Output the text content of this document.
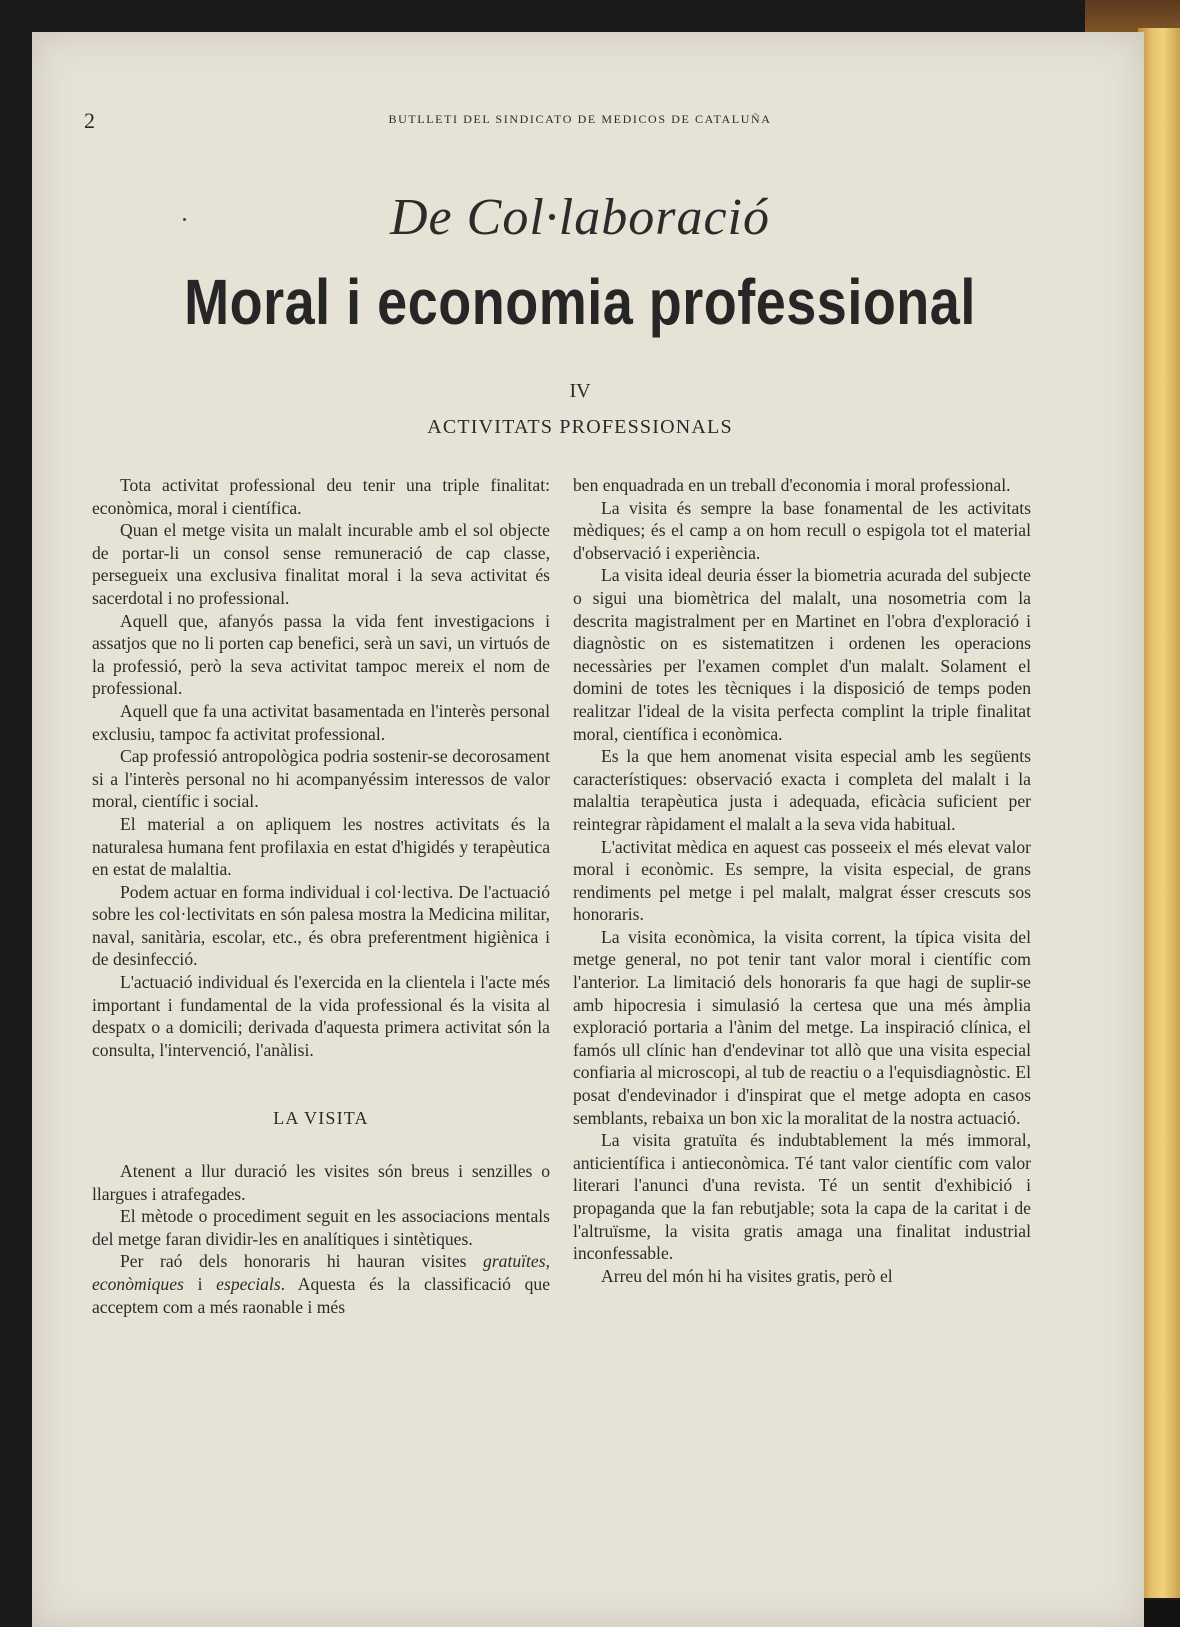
2	BUTLLETI DEL SINDICATO DE MEDICOS DE CATALUÑA
De Col·laboració
Moral i economia professional
IV
ACTIVITATS PROFESSIONALS

Tota activitat professional deu tenir una triple finalitat: econòmica, moral i científica.

Quan el metge visita un malalt incurable amb el sol objecte de portar-li un consol sense remuneració de cap classe, persegueix una exclusiva finalitat moral i la seva activitat és sacerdotal i no professional.

Aquell que, afanyós passa la vida fent investigacions i assatjos que no li porten cap benefici, serà un savi, un virtuós de la professió, però la seva activitat tampoc mereix el nom de professional.

Aquell que fa una activitat basamentada en l'interès personal exclusiu, tampoc fa activitat professional.

Cap professió antropològica podria sostenir-se decorosament si a l'interès personal no hi acompanyéssim interessos de valor moral, científic i social.

El material a on apliquem les nostres activitats és la naturalesa humana fent profilaxia en estat d'higidés y terapèutica en estat de malaltia.

Podem actuar en forma individual i col·lectiva. De l'actuació sobre les col·lectivitats en són palesa mostra la Medicina militar, naval, sanitària, escolar, etc., és obra preferentment higiènica i de desinfecció.

L'actuació individual és l'exercida en la clientela i l'acte més important i fundamental de la vida professional és la visita al despatx o a domicili; derivada d'aquesta primera activitat són la consulta, l'intervenció, l'anàlisi.

LA VISITA

Atenent a llur duració les visites són breus i senzilles o llargues i atrafegades.

El mètode o procediment seguit en les associacions mentals del metge faran dividir-les en analítiques i sintètiques.

Per raó dels honoraris hi hauran visites gratuïtes, econòmiques i especials. Aquesta és la classificació que acceptem com a més raonable i més

ben enquadrada en un treball d'economia i moral professional.

La visita és sempre la base fonamental de les activitats mèdiques; és el camp a on hom recull o espigola tot el material d'observació i experiència.

La visita ideal deuria ésser la biometria acurada del subjecte o sigui una biomètrica del malalt, una nosometria com la descrita magistralment per en Martinet en l'obra d'exploració i diagnòstic on es sistematitzen i ordenen les operacions necessàries per l'examen complet d'un malalt. Solament el domini de totes les tècniques i la disposició de temps poden realitzar l'ideal de la visita perfecta complint la triple finalitat moral, científica i econòmica.

Es la que hem anomenat visita especial amb les següents característiques: observació exacta i completa del malalt i la malaltia terapèutica justa i adequada, eficàcia suficient per reintegrar ràpidament el malalt a la seva vida habitual.

L'activitat mèdica en aquest cas posseeix el més elevat valor moral i econòmic. Es sempre, la visita especial, de grans rendiments pel metge i pel malalt, malgrat ésser crescuts sos honoraris.

La visita econòmica, la visita corrent, la típica visita del metge general, no pot tenir tant valor moral i científic com l'anterior. La limitació dels honoraris fa que hagi de suplir-se amb hipocresia i simulasió la certesa que una més àmplia exploració portaria a l'ànim del metge. La inspiració clínica, el famós ull clínic han d'endevinar tot allò que una visita especial confiaria al microscopi, al tub de reactiu o a l'equisdiagnòstic. El posat d'endevinador i d'inspirat que el metge adopta en casos semblants, rebaixa un bon xic la moralitat de la nostra actuació.

La visita gratuïta és indubtablement la més immoral, anticientífica i antieconòmica. Té tant valor científic com valor literari l'anunci d'una revista. Té un sentit d'exhibició i propaganda que la fan rebutjable; sota la capa de la caritat i de l'altruïsme, la visita gratis amaga una finalitat industrial inconfessable.

Arreu del món hi ha visites gratis, però el
